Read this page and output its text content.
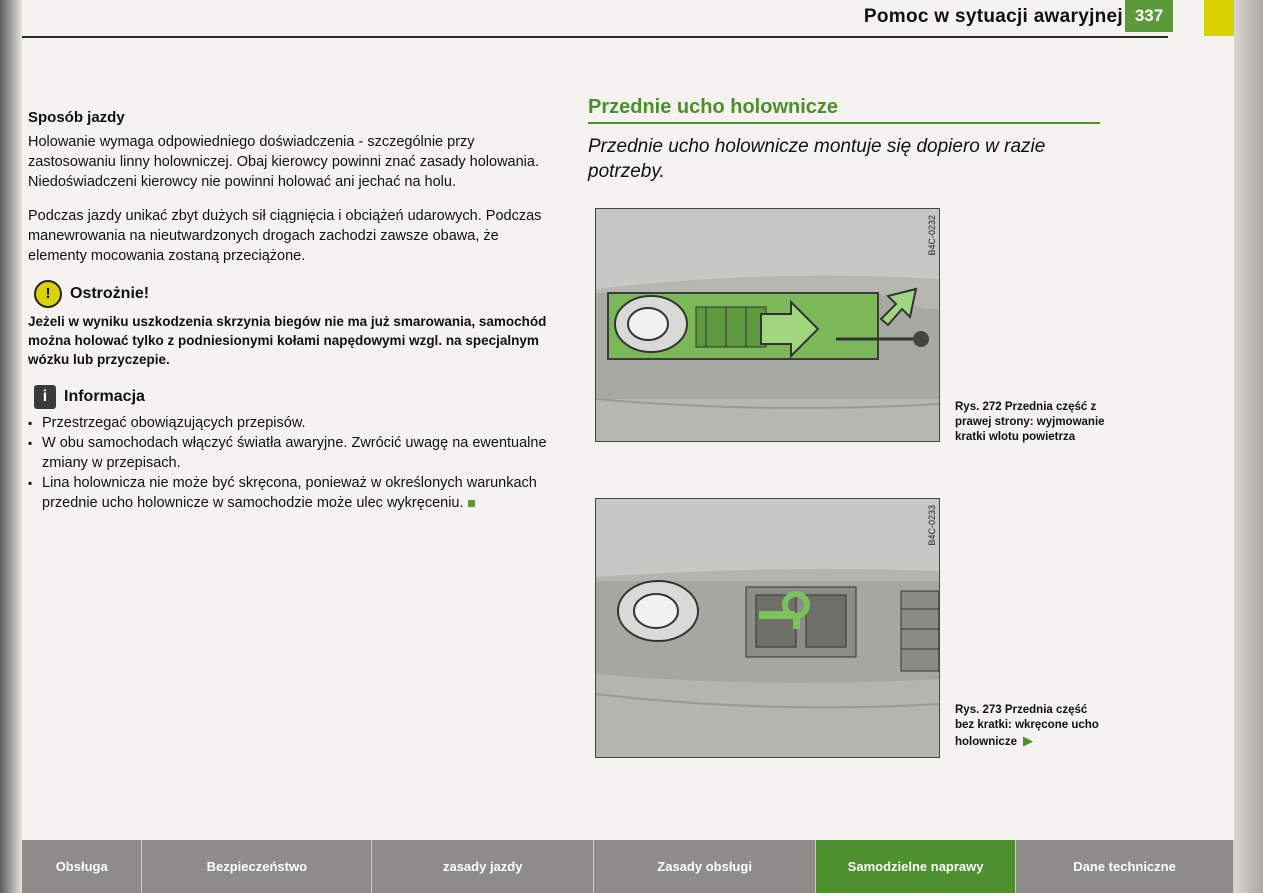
Pomoc w sytuacji awaryjnej 337

Sposób jazdy

Holowanie wymaga odpowiedniego doświadczenia - szczególnie przy zastosowaniu linny holowniczej. Obaj kierowcy powinni znać zasady holowania. Niedoświadczeni kierowcy nie powinni holować ani jechać na holu.

Podczas jazdy unikać zbyt dużych sił ciągnięcia i obciążeń udarowych. Podczas manewrowania na nieutwardzonych drogach zachodzi zawsze obawa, że elementy mocowania zostaną przeciążone.

!	Ostrożnie!

Jeżeli w wyniku uszkodzenia skrzynia biegów nie ma już smarowania, samochód można holować tylko z podniesionymi kołami napędowymi wzgl. na specjalnym wózku lub przyczepie.

i	Informacja
▪ Przestrzegać obowiązujących przepisów.
▪ W obu samochodach włączyć światła awaryjne. Zwrócić uwagę na ewentualne zmiany w przepisach.
▪ Lina holownicza nie może być skręcona, ponieważ w określonych warunkach przednie ucho holownicze w samochodzie może ulec wykręceniu.
Przednie ucho holownicze

Przednie ucho holownicze montuje się dopiero w razie potrzeby.

B4C-0232
B4C-0233
Rys. 272 Przednia część z prawej strony: wyjmowanie kratki wlotu powietrza
Rys. 273 Przednia część bez kratki: wkręcone ucho holownicze ▶
Obsługa	Bezpieczeństwo	zasady jazdy	Zasady obsługi	Samodzielne naprawy	Dane techniczne
